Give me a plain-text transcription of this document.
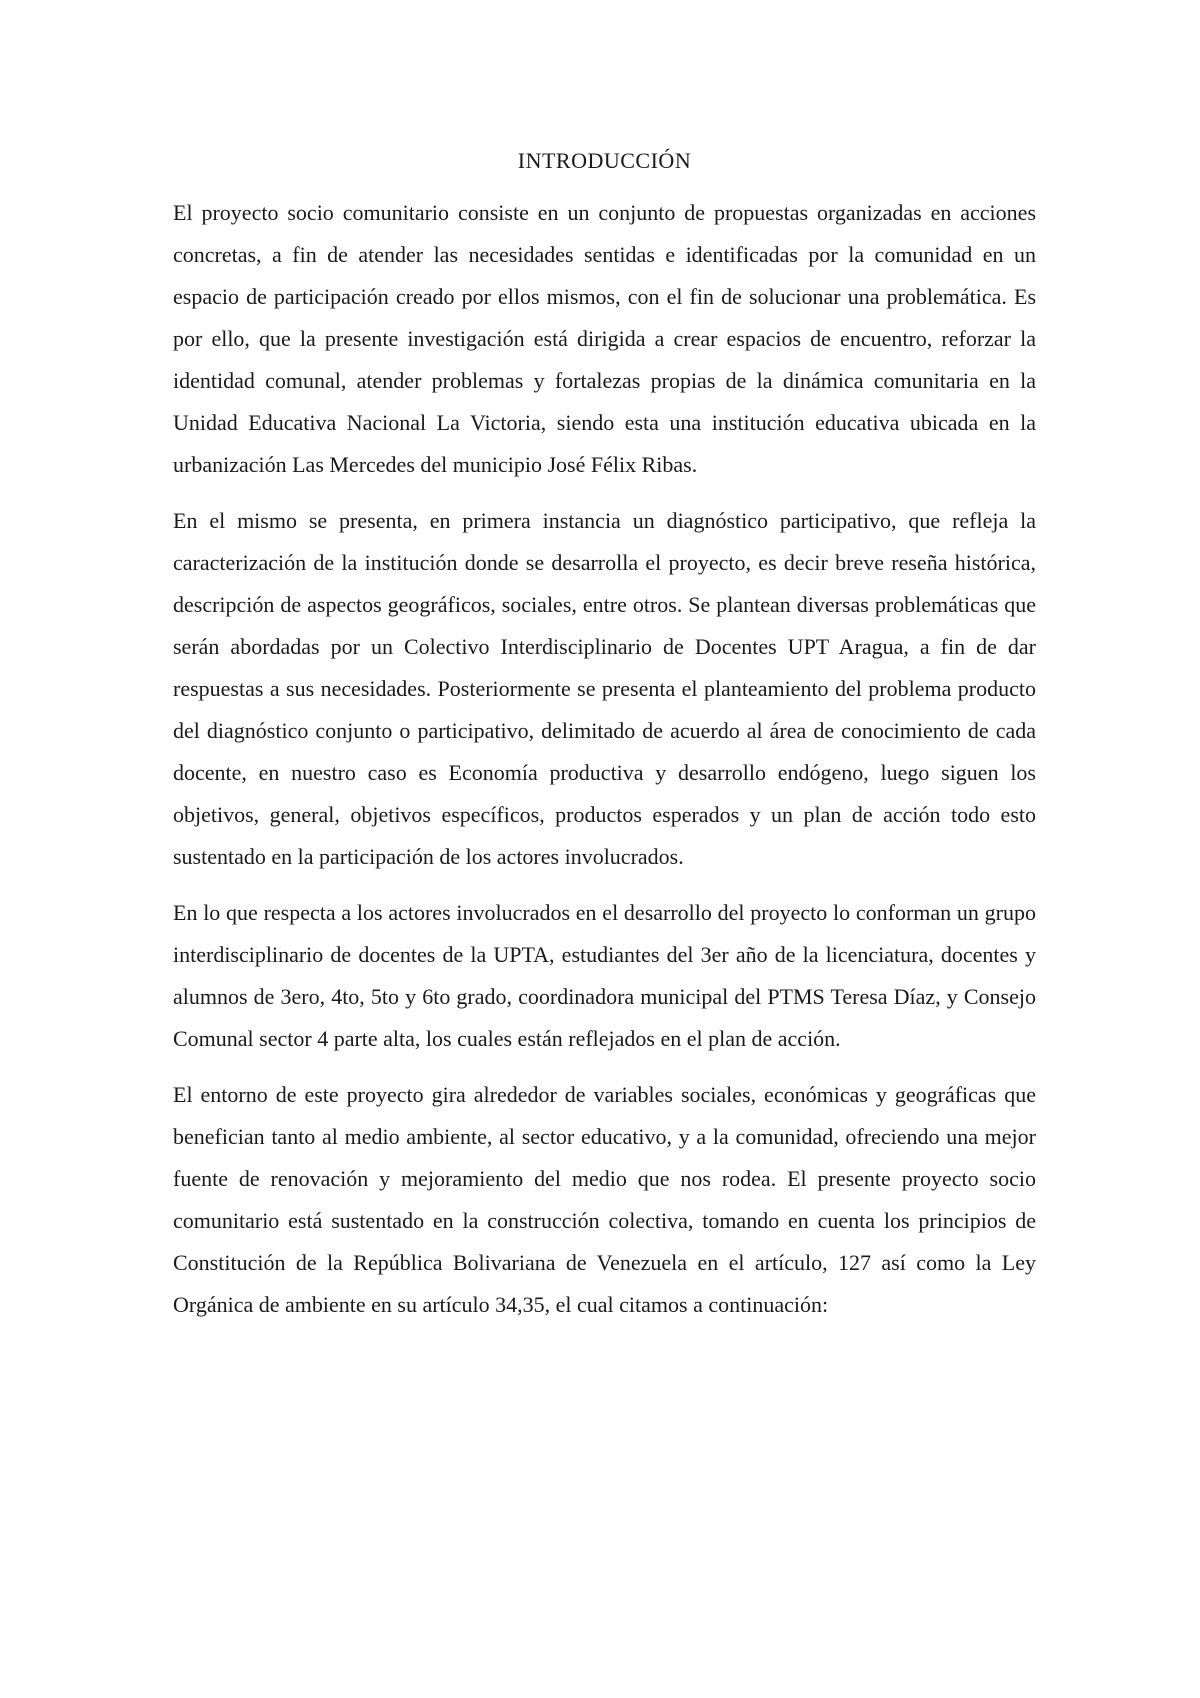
INTRODUCCIÓN

El proyecto socio comunitario consiste en un conjunto de propuestas organizadas en acciones concretas, a fin de atender las necesidades sentidas e identificadas por la comunidad en un espacio de participación creado por ellos mismos, con el fin de solucionar una problemática. Es por ello, que la presente investigación está dirigida a crear espacios de encuentro, reforzar la identidad comunal, atender problemas y fortalezas propias de la dinámica comunitaria en la Unidad Educativa Nacional La Victoria, siendo esta una institución educativa ubicada en la urbanización Las Mercedes del municipio José Félix Ribas.

En el mismo se presenta, en primera instancia un diagnóstico participativo, que refleja la caracterización de la institución donde se desarrolla el proyecto, es decir breve reseña histórica, descripción de aspectos geográficos, sociales, entre otros. Se plantean diversas problemáticas que serán abordadas por un Colectivo Interdisciplinario de Docentes UPT Aragua, a fin de dar respuestas a sus necesidades. Posteriormente se presenta el planteamiento del problema producto del diagnóstico conjunto o participativo, delimitado de acuerdo al área de conocimiento de cada docente, en nuestro caso es Economía productiva y desarrollo endógeno, luego siguen los objetivos, general, objetivos específicos, productos esperados y un plan de acción todo esto sustentado en la participación de los actores involucrados.

En lo que respecta a los actores involucrados en el desarrollo del proyecto lo conforman un grupo interdisciplinario de docentes de la UPTA, estudiantes del 3er año de la licenciatura, docentes y alumnos de 3ero, 4to, 5to y 6to grado, coordinadora municipal del PTMS Teresa Díaz, y Consejo Comunal sector 4 parte alta, los cuales están reflejados en el plan de acción.

El entorno de este proyecto gira alrededor de variables sociales, económicas y geográficas que benefician tanto al medio ambiente, al sector educativo, y a la comunidad, ofreciendo una mejor fuente de renovación y mejoramiento del medio que nos rodea. El presente proyecto socio comunitario está sustentado en la construcción colectiva, tomando en cuenta los principios de Constitución de la República Bolivariana de Venezuela en el artículo, 127 así como la Ley Orgánica de ambiente en su artículo 34,35, el cual citamos a continuación:
